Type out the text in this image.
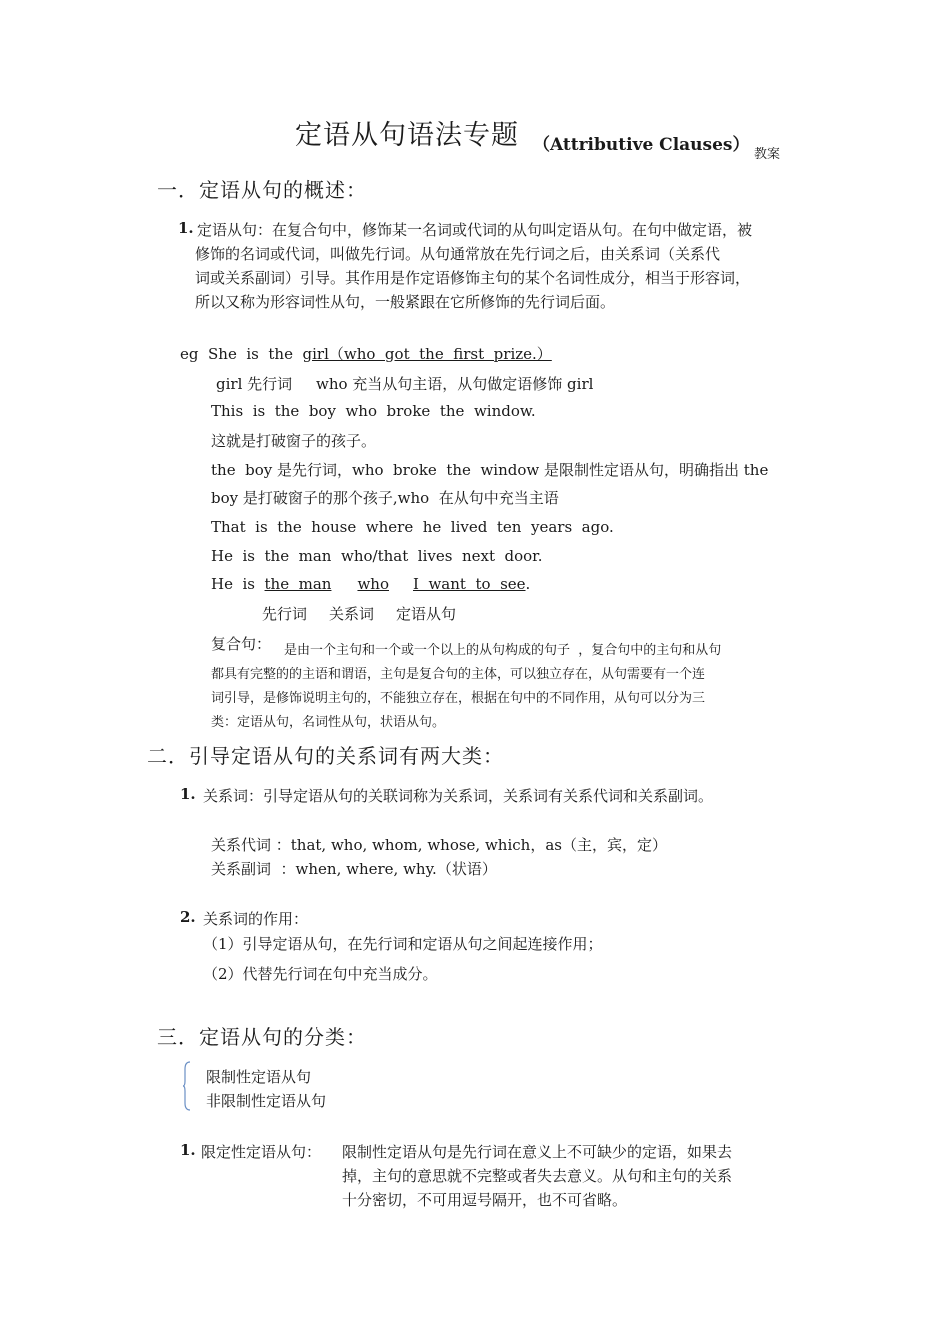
定语从句语法专题 （Attributive Clauses） 教案
一．定语从句的概述：
1. 定语从句：在复合句中，修饰某一名词或代词的从句叫定语从句。在句中做定语，被
修饰的名词或代词，叫做先行词。从句通常放在先行词之后，由关系词（关系代
词或关系副词）引导。其作用是作定语修饰主句的某个名词性成分，相当于形容词，
所以又称为形容词性从句，一般紧跟在它所修饰的先行词后面。
eg  She  is  the  girl（who  got  the  first  prize.）
girl 先行词     who 充当从句主语，从句做定语修饰 girl
This  is  the  boy  who  broke  the  window.
这就是打破窗子的孩子。
the  boy 是先行词，who  broke  the  window 是限制性定语从句，明确指出 the
boy 是打破窗子的那个孩子,who  在从句中充当主语
That  is  the  house  where  he  lived  ten  years  ago.
He  is  the  man  who/that  lives  next  door.
He  is  the  man who I  want  to  see.
先行词 关系词 定语从句
复合句： 是由一个主句和一个或一个以上的从句构成的句子  ，复合句中的主句和从句
都具有完整的的主语和谓语，主句是复合句的主体，可以独立存在，从句需要有一个连
词引导，是修饰说明主句的，不能独立存在，根据在句中的不同作用，从句可以分为三
类：定语从句，名词性从句，状语从句。
二．引导定语从句的关系词有两大类：
1. 关系词：引导定语从句的关联词称为关系词，关系词有关系代词和关系副词。
关系代词 ：that, who, whom, whose, which，as（主，宾，定）
关系副词  ：when, where, why.（状语）
2. 关系词的作用：
（1）引导定语从句，在先行词和定语从句之间起连接作用；
（2）代替先行词在句中充当成分。
三．定语从句的分类：
限制性定语从句
非限制性定语从句
1. 限定性定语从句： 限制性定语从句是先行词在意义上不可缺少的定语，如果去
掉，主句的意思就不完整或者失去意义。从句和主句的关系
十分密切，不可用逗号隔开，也不可省略。
